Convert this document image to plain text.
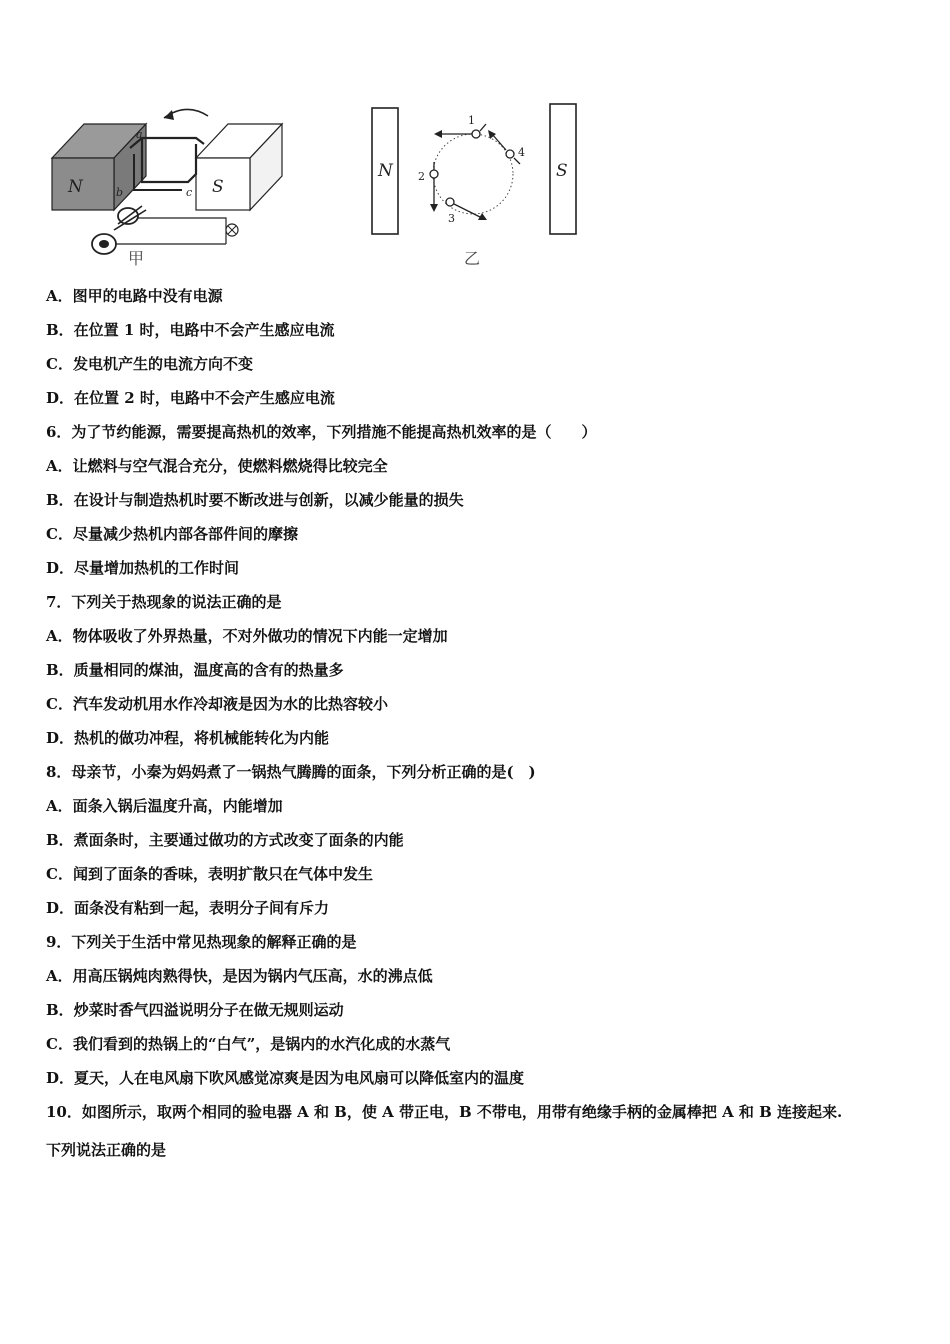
N	S
a
b	c
甲
N	S
1
2
3
4
乙
A．图甲的电路中没有电源
B．在位置 1 时，电路中不会产生感应电流
C．发电机产生的电流方向不变
D．在位置 2 时，电路中不会产生感应电流
6．为了节约能源，需要提高热机的效率，下列措施不能提高热机效率的是（　　）
A．让燃料与空气混合充分，使燃料燃烧得比较完全
B．在设计与制造热机时要不断改进与创新，以减少能量的损失
C．尽量减少热机内部各部件间的摩擦
D．尽量增加热机的工作时间
7．下列关于热现象的说法正确的是
A．物体吸收了外界热量，不对外做功的情况下内能一定增加
B．质量相同的煤油，温度高的含有的热量多
C．汽车发动机用水作冷却液是因为水的比热容较小
D．热机的做功冲程，将机械能转化为内能
8．母亲节，小秦为妈妈煮了一锅热气腾腾的面条，下列分析正确的是(　)
A．面条入锅后温度升高，内能增加
B．煮面条时，主要通过做功的方式改变了面条的内能
C．闻到了面条的香味，表明扩散只在气体中发生
D．面条没有粘到一起，表明分子间有斥力
9．下列关于生活中常见热现象的解释正确的是
A．用高压锅炖肉熟得快，是因为锅内气压高，水的沸点低
B．炒菜时香气四溢说明分子在做无规则运动
C．我们看到的热锅上的“白气”，是锅内的水汽化成的水蒸气
D．夏天，人在电风扇下吹风感觉凉爽是因为电风扇可以降低室内的温度
10．如图所示，取两个相同的验电器 A 和 B，使 A 带正电，B 不带电，用带有绝缘手柄的金属棒把 A 和 B 连接起来.
下列说法正确的是
